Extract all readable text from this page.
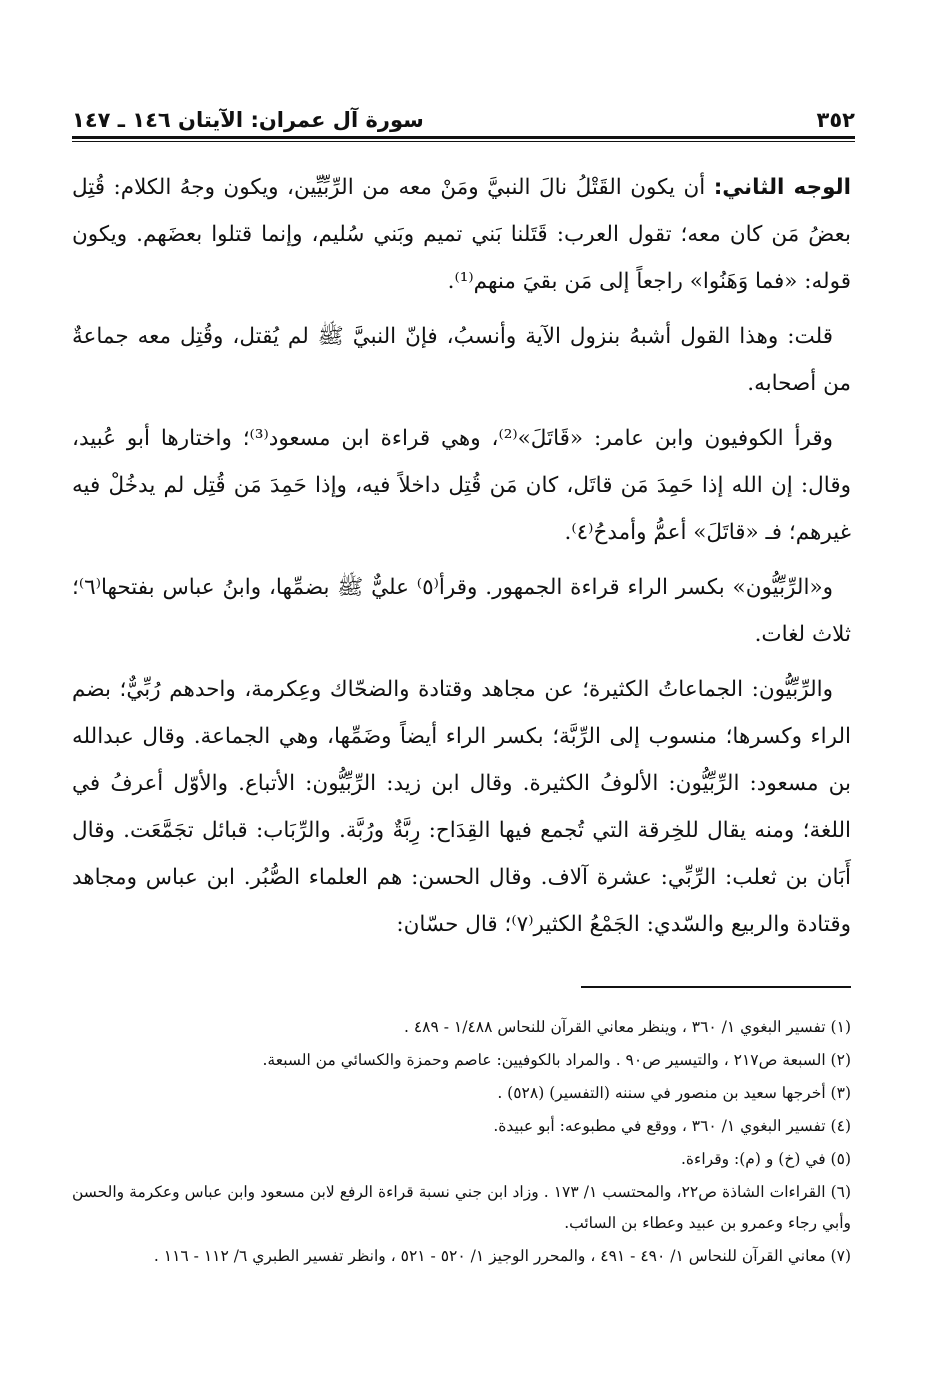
٣٥٢
سورة آل عمران: الآيتان ١٤٦ ـ ١٤٧

الوجه الثاني: أن يكون القَتْلُ نالَ النبيَّ ومَنْ معه من الرِّبِّيِّين، ويكون وجهُ الكلام: قُتِل بعضُ مَن كان معه؛ تقول العرب: قَتَلنا بَني تميم وبَني سُليم، وإنما قتلوا بعضَهم. ويكون قوله: «فما وَهَنُوا» راجعاً إلى مَن بقيَ منهم⁽¹⁾.

قلت: وهذا القول أشبهُ بنزول الآية وأنسبُ، فإنّ النبيَّ ﷺ لم يُقتل، وقُتِل معه جماعةٌ من أصحابه.

وقرأ الكوفيون وابن عامر: «قَاتَلَ»⁽²⁾، وهي قراءة ابن مسعود⁽³⁾؛ واختارها أبو عُبيد، وقال: إن الله إذا حَمِدَ مَن قاتَل، كان مَن قُتِل داخلاً فيه، وإذا حَمِدَ مَن قُتِل لم يدخُلْ فيه غيرهم؛ فـ «قاتَلَ» أعمُّ وأمدحُ⁽٤⁾.

و«الرِّبِّيُّون» بكسر الراء قراءة الجمهور. وقرأ⁽٥⁾ عليٌّ ﷺ بضمِّها، وابنُ عباس بفتحها⁽٦⁾؛ ثلاث لغات.

والرِّبِّيُّون: الجماعاتُ الكثيرة؛ عن مجاهد وقتادة والضحّاك وعِكرمة، واحدهم رُبِّيٌّ؛ بضم الراء وكسرها؛ منسوب إلى الرِّبَّة؛ بكسر الراء أيضاً وضَمِّها، وهي الجماعة. وقال عبدالله بن مسعود: الرِّبِّيُّون: الألوفُ الكثيرة. وقال ابن زيد: الرِّبِّيُّون: الأتباع. والأوّل أعرفُ في اللغة؛ ومنه يقال للخِرقة التي تُجمع فيها القِدَاح: رِبَّةٌ ورُبَّة. والرِّبَاب: قبائل تجَمَّعَت. وقال أَبَان بن ثعلب: الرِّبِّي: عشرة آلاف. وقال الحسن: هم العلماء الصُّبُر. ابن عباس ومجاهد وقتادة والربيع والسّدي: الجَمْعُ الكثير⁽٧⁾؛ قال حسّان:

(١) تفسير البغوي ١/ ٣٦٠ ، وينظر معاني القرآن للنحاس ١/٤٨٨ - ٤٨٩ .
(٢) السبعة ص٢١٧ ، والتيسير ص٩٠ . والمراد بالكوفيين: عاصم وحمزة والكسائي من السبعة.
(٣) أخرجها سعيد بن منصور في سننه (التفسير) (٥٢٨) .
(٤) تفسير البغوي ١/ ٣٦٠ ، ووقع في مطبوعه: أبو عبيدة.
(٥) في (خ) و (م): وقراءة.
(٦) القراءات الشاذة ص٢٢، والمحتسب ١/ ١٧٣ . وزاد ابن جني نسبة قراءة الرفع لابن مسعود وابن عباس وعكرمة والحسن وأبي رجاء وعمرو بن عبيد وعطاء بن السائب.
(٧) معاني القرآن للنحاس ١/ ٤٩٠ - ٤٩١ ، والمحرر الوجيز ١/ ٥٢٠ - ٥٢١ ، وانظر تفسير الطبري ٦/ ١١٢ - ١١٦ .
